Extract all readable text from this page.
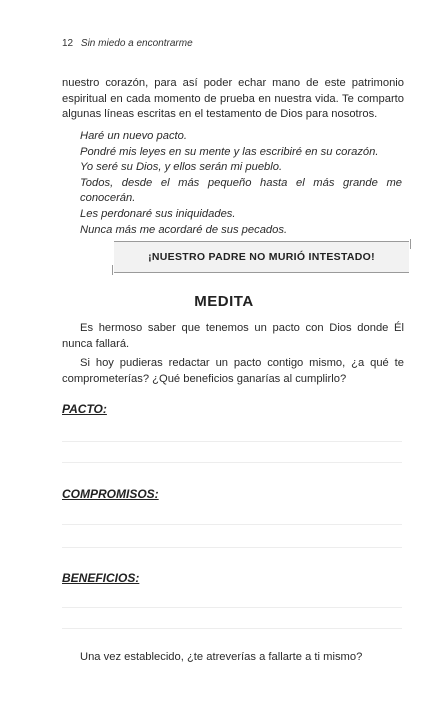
12 Sin miedo a encontrarme
nuestro corazón, para así poder echar mano de este patrimonio espiritual en cada momento de prueba en nuestra vida. Te comparto algunas líneas escritas en el testamento de Dios para nosotros.
Haré un nuevo pacto.
Pondré mis leyes en su mente y las escribiré en su corazón.
Yo seré su Dios, y ellos serán mi pueblo.
Todos, desde el más pequeño hasta el más grande me
conocerán.
Les perdonaré sus iniquidades.
Nunca más me acordaré de sus pecados.
¡NUESTRO PADRE NO MURIÓ INTESTADO!
MEDITA
Es hermoso saber que tenemos un pacto con Dios donde Él nunca fallará.
Si hoy pudieras redactar un pacto contigo mismo, ¿a qué te comprometerías? ¿Qué beneficios ganarías al cumplirlo?
PACTO:
COMPROMISOS:
BENEFICIOS:
Una vez establecido, ¿te atreverías a fallarte a ti mismo?
